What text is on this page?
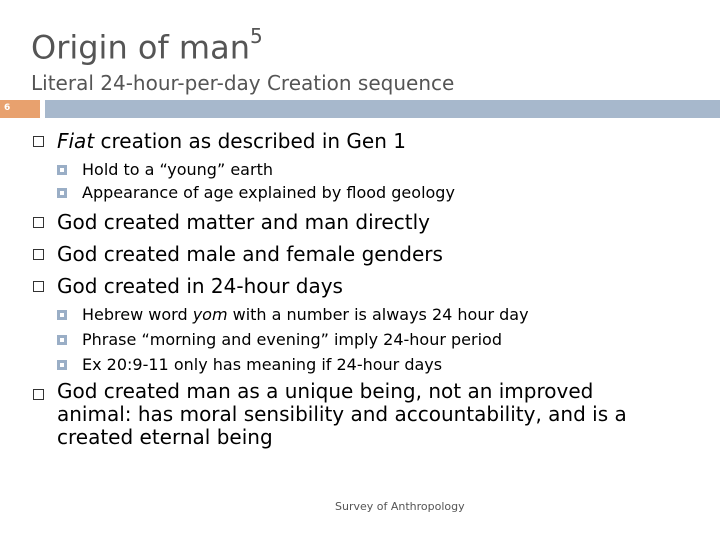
Origin of man$^5$
Literal 24-hour-per-day Creation sequence
6
Fiat creation as described in Gen 1
Hold to a “young” earth
Appearance of age explained by flood geology
God created matter and man directly
God created male and female genders
God created in 24-hour days
Hebrew word yom with a number is always 24 hour day
Phrase “morning and evening” imply 24-hour period
Ex 20:9-11 only has meaning if 24-hour days
God created man as a unique being, not an improved animal: has moral sensibility and accountability, and is a created eternal being
Survey of Anthropology
